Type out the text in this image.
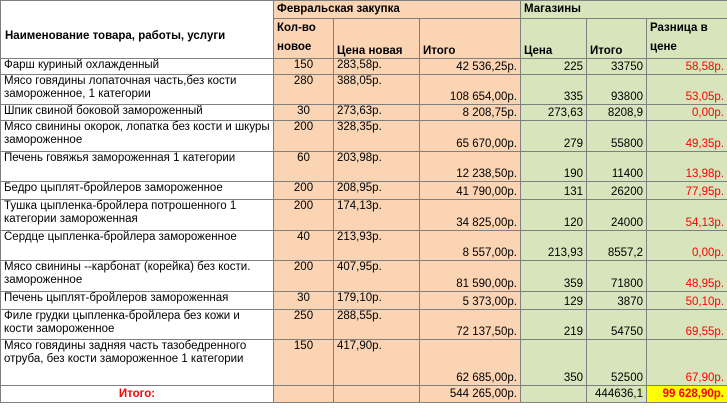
Наименование товара, работы, услуги	Февральская закупка			Магазины		
	Кол-во новое	Цена новая	Итого	Цена	Итого	Разница в цене
Фарш куриный охлажденный	150	283,58р.	42 536,25р.	225	33750	58,58р.
Мясо говядины лопаточная часть,без кости замороженное, 1 категории	280	388,05р.	108 654,00р.	335	93800	53,05р.
Шпик свиной боковой замороженный	30	273,63р.	8 208,75р.	273,63	8208,9	0,00р.
Мясо свинины окорок, лопатка без кости и шкуры замороженное	200	328,35р.	65 670,00р.	279	55800	49,35р.
Печень говяжья замороженная 1 категории	60	203,98р.	12 238,50р.	190	11400	13,98р.
Бедро цыплят-бройлеров замороженное	200	208,95р.	41 790,00р.	131	26200	77,95р.
Тушка цыпленка-бройлера потрошенного 1 категории замороженная	200	174,13р.	34 825,00р.	120	24000	54,13р.
Сердце цыпленка-бройлера замороженное	40	213,93р.	8 557,00р.	213,93	8557,2	0,00р.
Мясо свинины --карбонат (корейка) без кости. замороженное	200	407,95р.	81 590,00р.	359	71800	48,95р.
Печень цыплят-бройлеров замороженная	30	179,10р.	5 373,00р.	129	3870	50,10р.
Филе грудки цыпленка-бройлера без кожи и кости замороженное	250	288,55р.	72 137,50р.	219	54750	69,55р.
Мясо говядины задняя часть тазобедренного отруба, без кости замороженное 1 категории	150	417,90р.	62 685,00р.	350	52500	67,90р.
Итого:			544 265,00р.		444636,1	99 628,90р.
